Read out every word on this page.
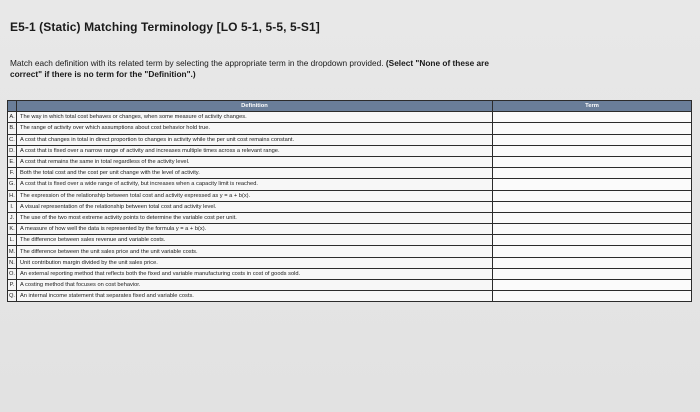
E5-1 (Static) Matching Terminology [LO 5-1, 5-5, 5-S1]
Match each definition with its related term by selecting the appropriate term in the dropdown provided. (Select "None of these are
correct" if there is no term for the "Definition".)
	Definition	Term
A.	The way in which total cost behaves or changes, when some measure of activity changes.	

B.	The range of activity over which assumptions about cost behavior hold true.	

C.	A cost that changes in total in direct proportion to changes in activity while the per unit cost remains constant.	

D.	A cost that is fixed over a narrow range of activity and increases multiple times across a relevant range.	

E.	A cost that remains the same in total regardless of the activity level.	

F.	Both the total cost and the cost per unit change with the level of activity.	

G.	A cost that is fixed over a wide range of activity, but increases when a capacity limit is reached.	

H.	The expression of the relationship between total cost and activity expressed as y = a + b(x).	

I.	A visual representation of the relationship between total cost and activity level.	

J.	The use of the two most extreme activity points to determine the variable cost per unit.	

K.	A measure of how well the data is represented by the formula y = a + b(x).	

L.	The difference between sales revenue and variable costs.	

M.	The difference between the unit sales price and the unit variable costs.	

N.	Unit contribution margin divided by the unit sales price.	

O.	An external reporting method that reflects both the fixed and variable manufacturing costs in cost of goods sold.	

P.	A costing method that focuses on cost behavior.	

Q.	An internal income statement that separates fixed and variable costs.	
